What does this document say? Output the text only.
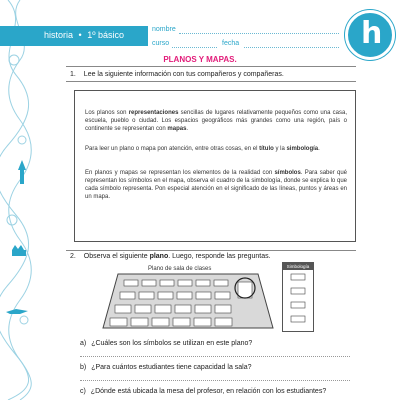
historia • 1º básico
nombre
curso	fecha	h
PLANOS Y MAPAS.
1. Lee la siguiente información con tus compañeros y compañeras.
Los planos son representaciones sencillas de lugares relativamente pequeños como una casa, escuela, pueblo o ciudad. Los espacios geográficos más grandes como una región, país o continente se representan con mapas.
Para leer un plano o mapa pon atención, entre otras cosas, en el título y la simbología.
En planos y mapas se representan los elementos de la realidad con símbolos. Para saber qué representan los símbolos en el mapa, observa el cuadro de la simbología, donde se explica lo que cada símbolo representa. Pon especial atención en el significado de las líneas, puntos y áreas en un mapa.
2. Observa el siguiente plano. Luego, responde las preguntas.
Plano de sala de clases	Simbología
a) ¿Cuáles son los símbolos se utilizan en este plano?
b) ¿Para cuántos estudiantes tiene capacidad la sala?
c) ¿Dónde está ubicada la mesa del profesor, en relación con los estudiantes?
